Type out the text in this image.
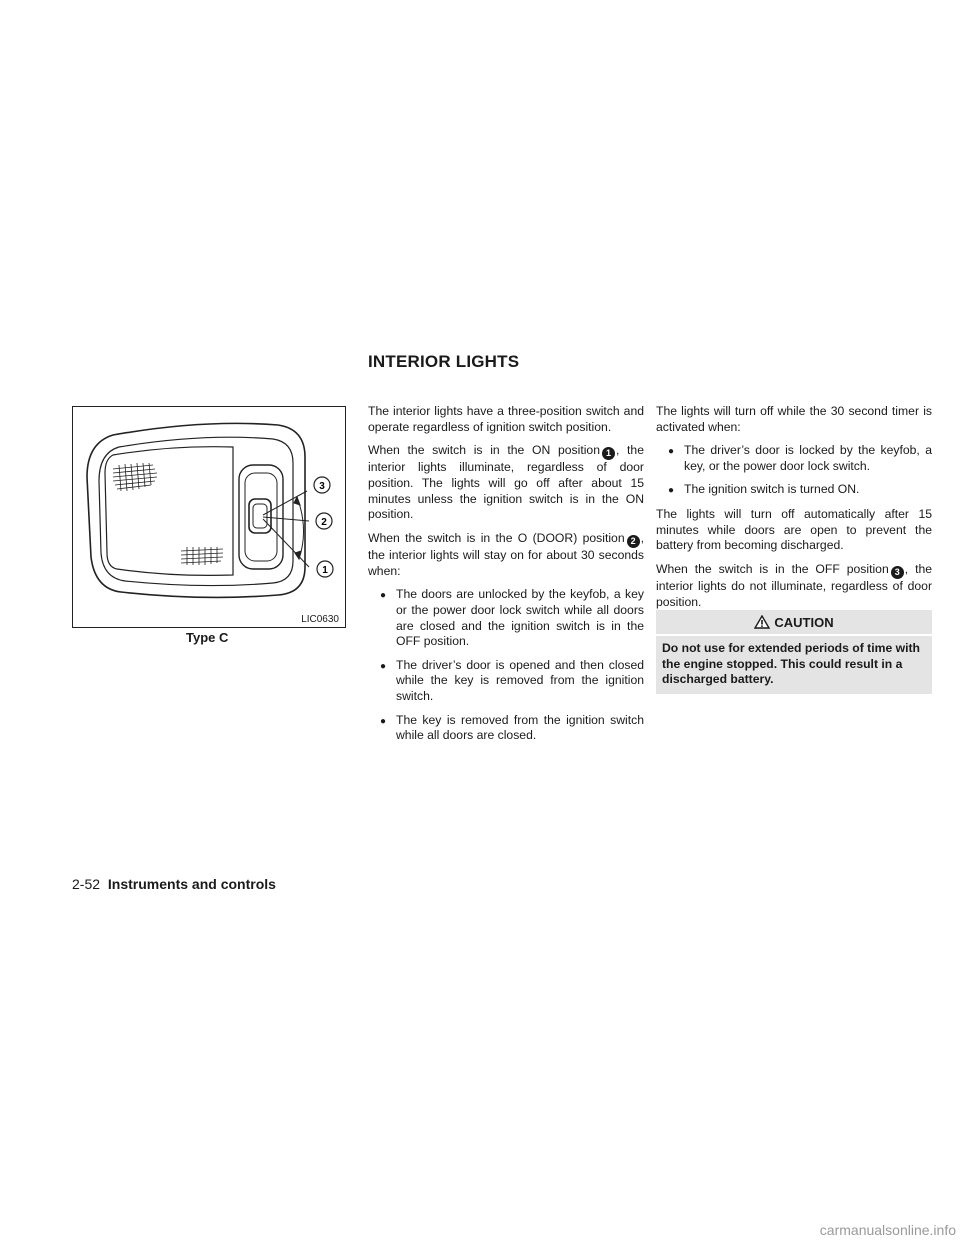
INTERIOR LIGHTS
3
2
1
LIC0630
Type C

The interior lights have a three-position switch and operate regardless of ignition switch position.

When the switch is in the ON position 1 , the interior lights illuminate, regardless of door position. The lights will go off after about 15 minutes unless the ignition switch is in the ON position.

When the switch is in the O (DOOR) position 2 , the interior lights will stay on for about 30 seconds when:

● The doors are unlocked by the keyfob, a key or the power door lock switch while all doors are closed and the ignition switch is in the OFF position.
● The driver’s door is opened and then closed while the key is removed from the ignition switch.
● The key is removed from the ignition switch while all doors are closed.

The lights will turn off while the 30 second timer is activated when:

● The driver’s door is locked by the keyfob, a key, or the power door lock switch.
● The ignition switch is turned ON.

The lights will turn off automatically after 15 minutes while doors are open to prevent the battery from becoming discharged.

When the switch is in the OFF position 3 , the interior lights do not illuminate, regardless of door position.

CAUTION
Do not use for extended periods of time with the engine stopped. This could result in a discharged battery.
2-52 Instruments and controls
carmanualsonline.info
